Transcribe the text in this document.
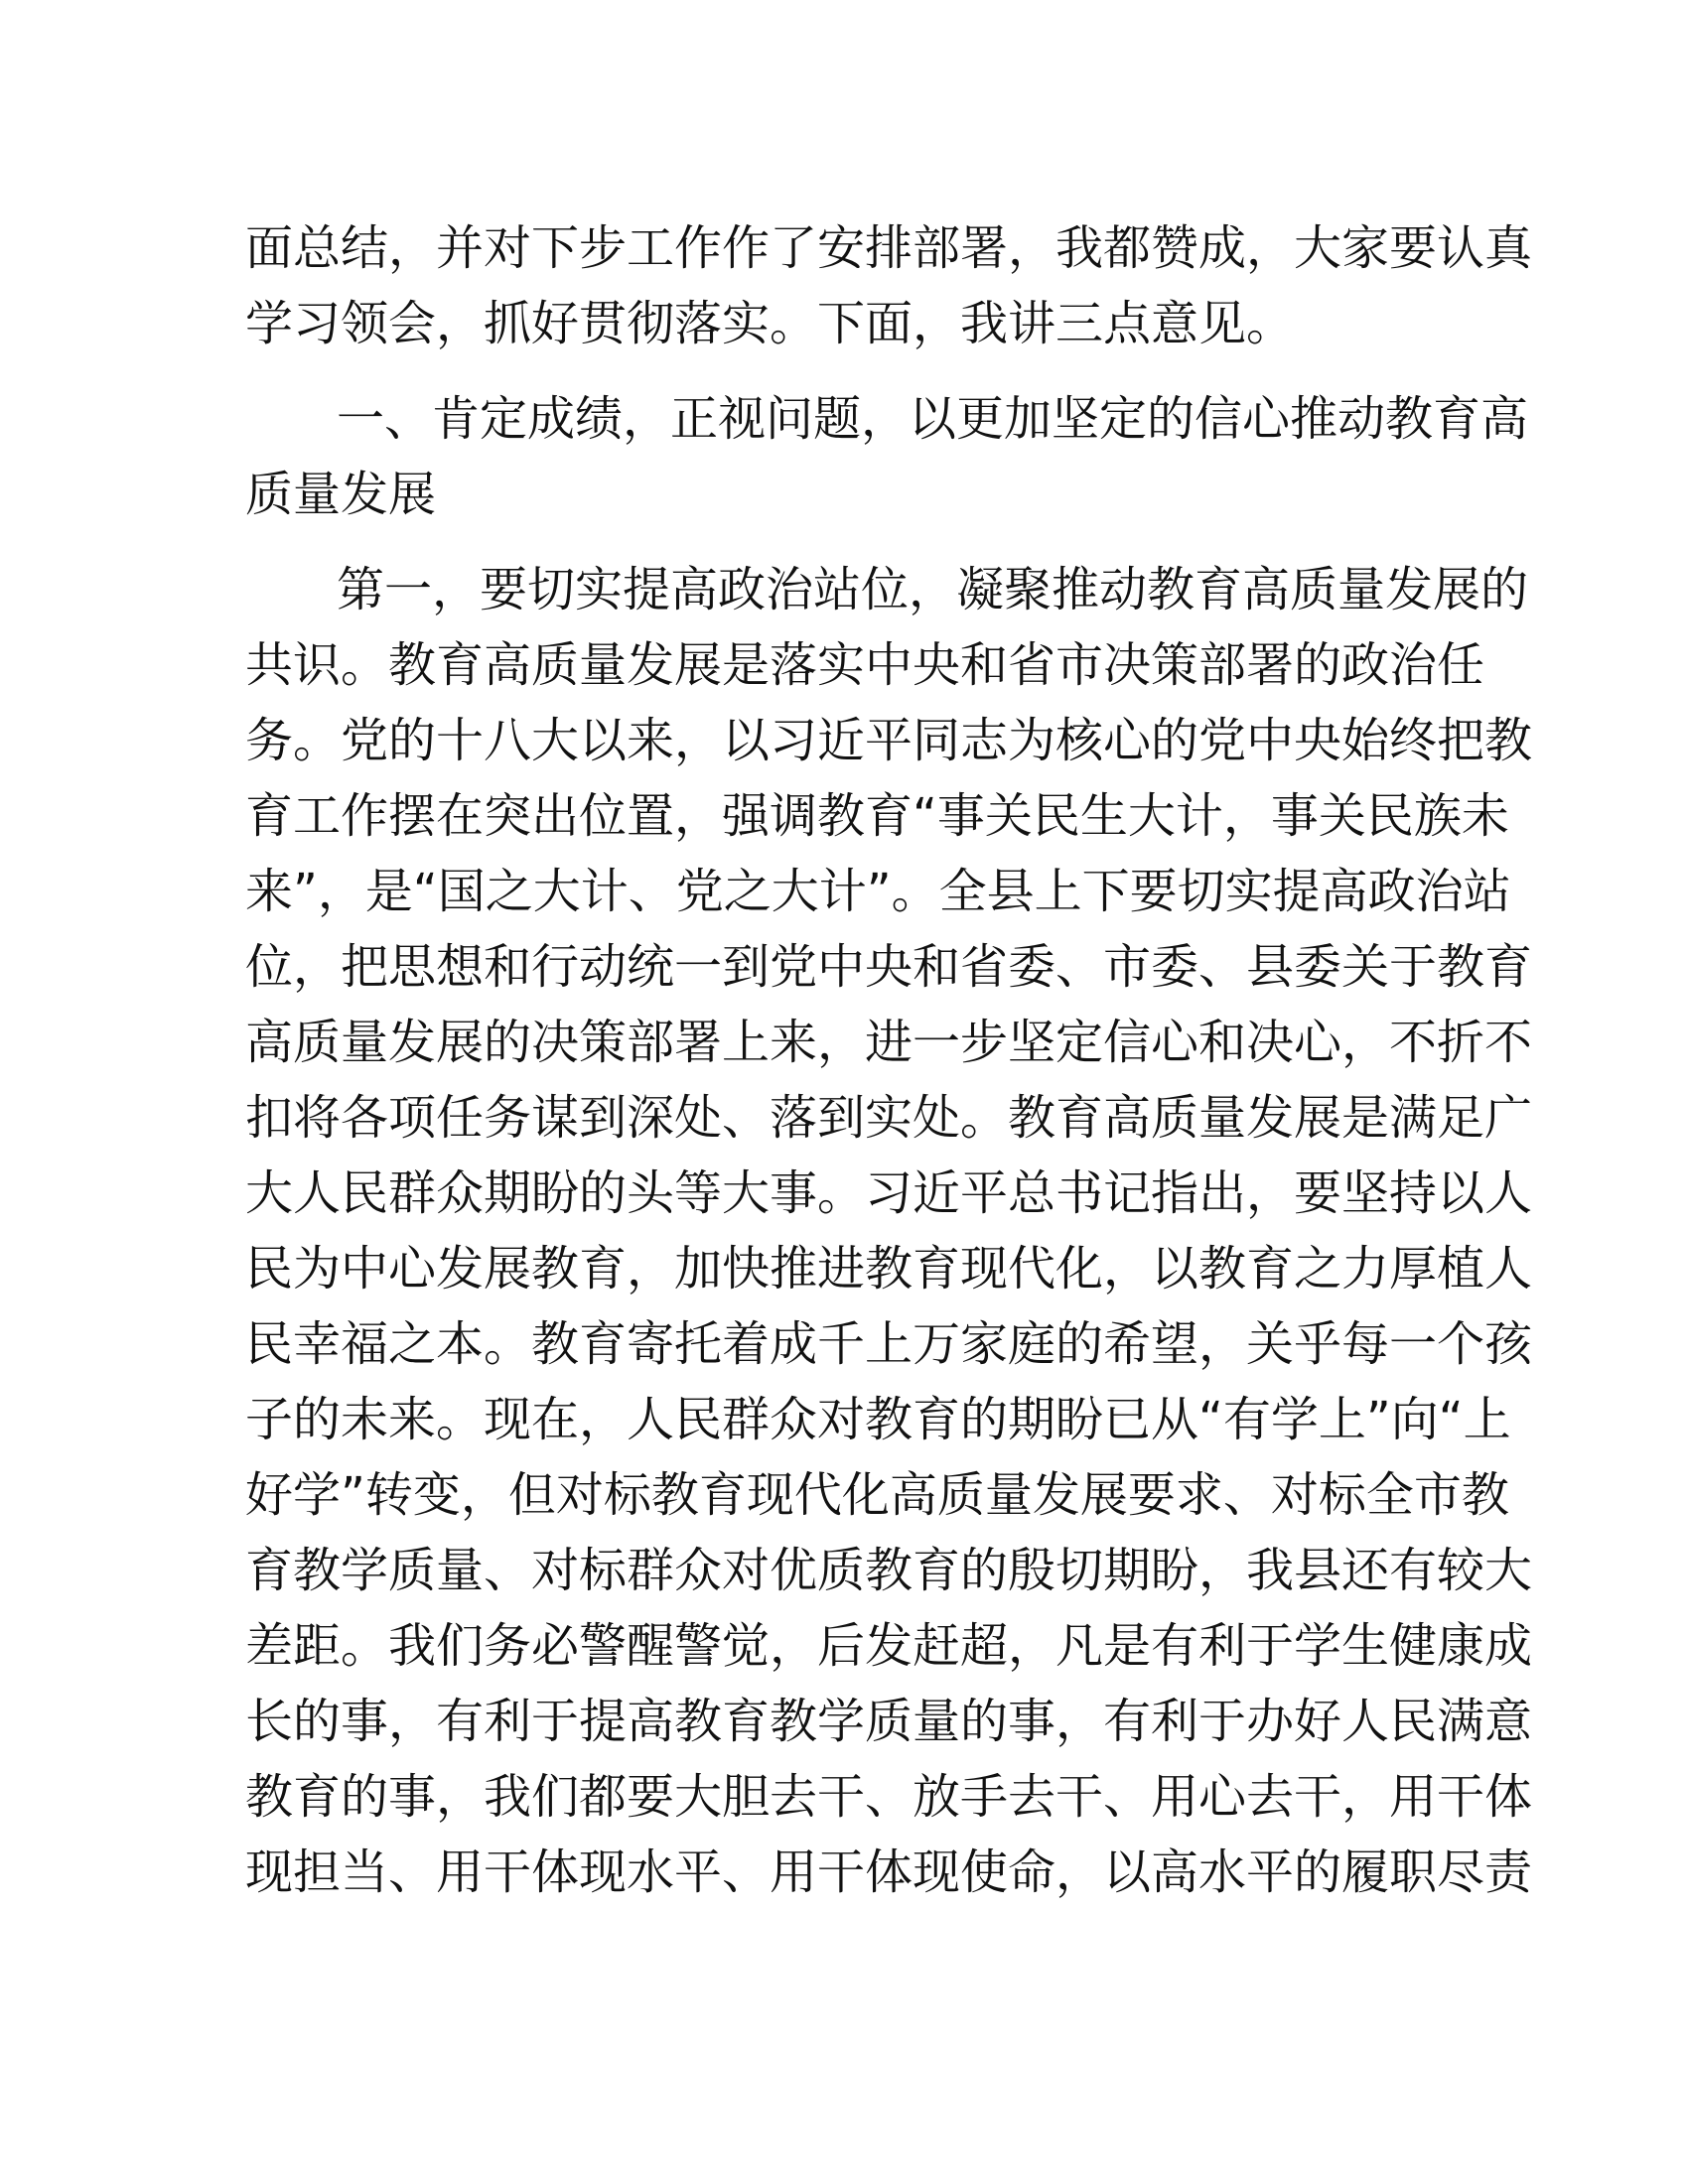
面总结，并对下步工作作了安排部署，我都赞成，大家要认真
学习领会，抓好贯彻落实。下面，我讲三点意见。
一、肯定成绩，正视问题，以更加坚定的信心推动教育高
质量发展
第一，要切实提高政治站位，凝聚推动教育高质量发展的
共识。教育高质量发展是落实中央和省市决策部署的政治任
务。党的十八大以来，以习近平同志为核心的党中央始终把教
育工作摆在突出位置，强调教育“事关民生大计，事关民族未
来”，是“国之大计、党之大计”。全县上下要切实提高政治站
位，把思想和行动统一到党中央和省委、市委、县委关于教育
高质量发展的决策部署上来，进一步坚定信心和决心，不折不
扣将各项任务谋到深处、落到实处。教育高质量发展是满足广
大人民群众期盼的头等大事。习近平总书记指出，要坚持以人
民为中心发展教育，加快推进教育现代化，以教育之力厚植人
民幸福之本。教育寄托着成千上万家庭的希望，关乎每一个孩
子的未来。现在，人民群众对教育的期盼已从“有学上”向“上
好学”转变，但对标教育现代化高质量发展要求、对标全市教
育教学质量、对标群众对优质教育的殷切期盼，我县还有较大
差距。我们务必警醒警觉，后发赶超，凡是有利于学生健康成
长的事，有利于提高教育教学质量的事，有利于办好人民满意
教育的事，我们都要大胆去干、放手去干、用心去干，用干体
现担当、用干体现水平、用干体现使命，以高水平的履职尽责
